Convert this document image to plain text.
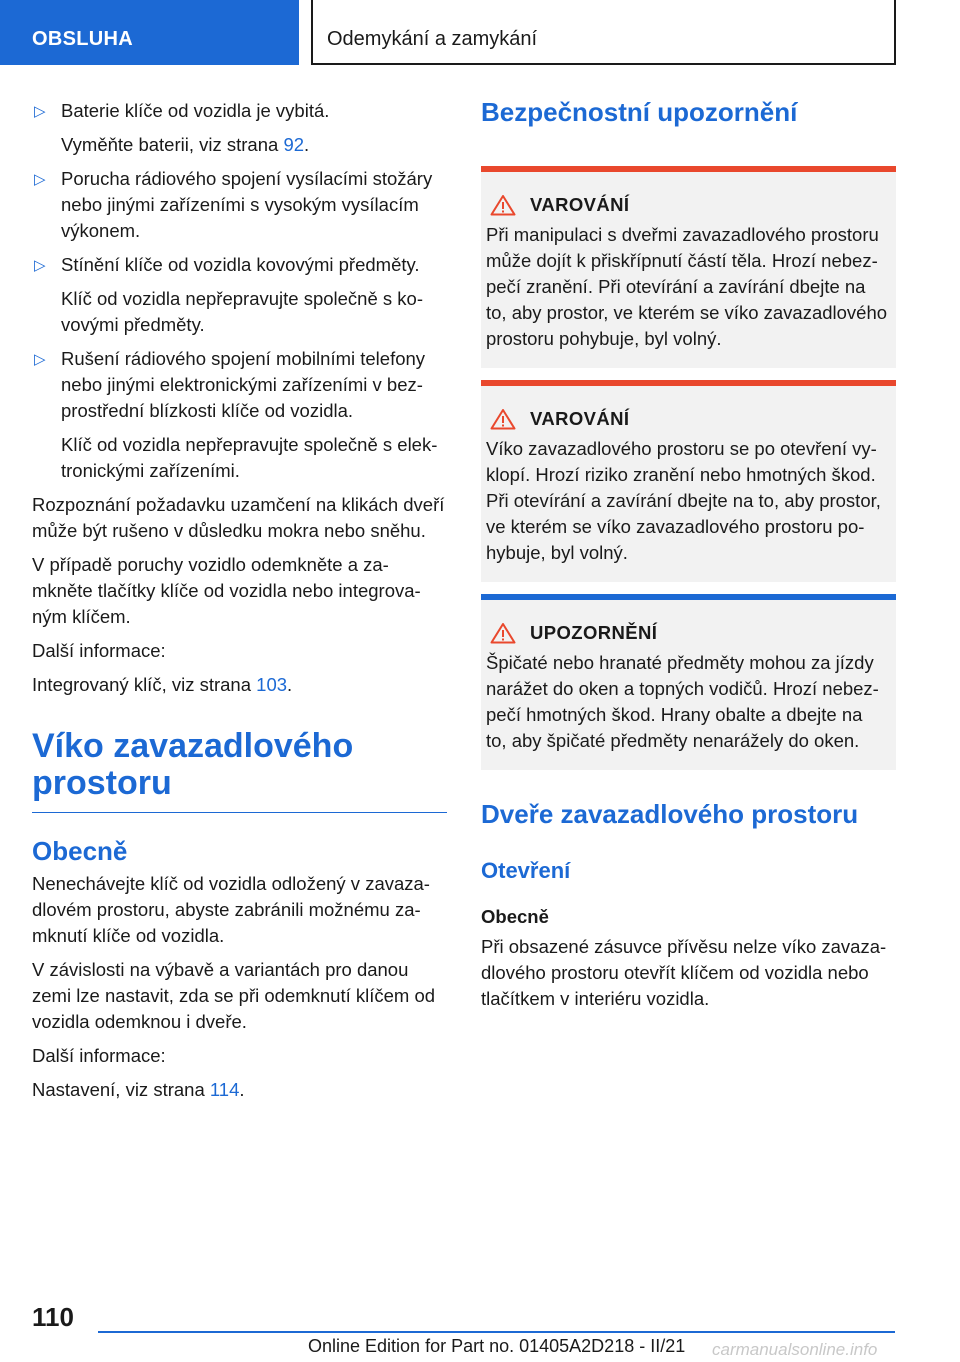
OBSLUHA	Odemykání a zamykání
▷ Baterie klíče od vozidla je vybitá.
Vyměňte baterii, viz strana 92.
▷ Porucha rádiového spojení vysílacími stožáry nebo jinými zařízeními s vysokým vysílacím výkonem.
▷ Stínění klíče od vozidla kovovými předměty.
Klíč od vozidla nepřepravujte společně s ko-vovými předměty.
▷ Rušení rádiového spojení mobilními telefony nebo jinými elektronickými zařízeními v bez-prostřední blízkosti klíče od vozidla.
Klíč od vozidla nepřepravujte společně s elek-tronickými zařízeními.
Rozpoznání požadavku uzamčení na klikách dveří může být rušeno v důsledku mokra nebo sněhu.
V případě poruchy vozidlo odemkněte a za-mkněte tlačítky klíče od vozidla nebo integrova-ným klíčem.
Další informace:
Integrovaný klíč, viz strana 103.
Víko zavazadlového prostoru
Obecně
Nenechávejte klíč od vozidla odložený v zavaza-dlovém prostoru, abyste zabránili možnému za-mknutí klíče od vozidla.
V závislosti na výbavě a variantách pro danou zemi lze nastavit, zda se při odemknutí klíčem od vozidla odemknou i dveře.
Další informace:
Nastavení, viz strana 114.
Bezpečnostní upozornění
VAROVÁNÍ
Při manipulaci s dveřmi zavazadlového prostoru může dojít k přiskřípnutí částí těla. Hrozí nebez-pečí zranění. Při otevírání a zavírání dbejte na to, aby prostor, ve kterém se víko zavazadlového prostoru pohybuje, byl volný.
VAROVÁNÍ
Víko zavazadlového prostoru se po otevření vy-klopí. Hrozí riziko zranění nebo hmotných škod. Při otevírání a zavírání dbejte na to, aby prostor, ve kterém se víko zavazadlového prostoru po-hybuje, byl volný.
UPOZORNĚNÍ
Špičaté nebo hranaté předměty mohou za jízdy narážet do oken a topných vodičů. Hrozí nebez-pečí hmotných škod. Hrany obalte a dbejte na to, aby špičaté předměty nenarážely do oken.
Dveře zavazadlového prostoru
Otevření
Obecně
Při obsazené zásuvce přívěsu nelze víko zavaza-dlového prostoru otevřít klíčem od vozidla nebo tlačítkem v interiéru vozidla.
110
Online Edition for Part no. 01405A2D218 - II/21 carmanualsonline.info
